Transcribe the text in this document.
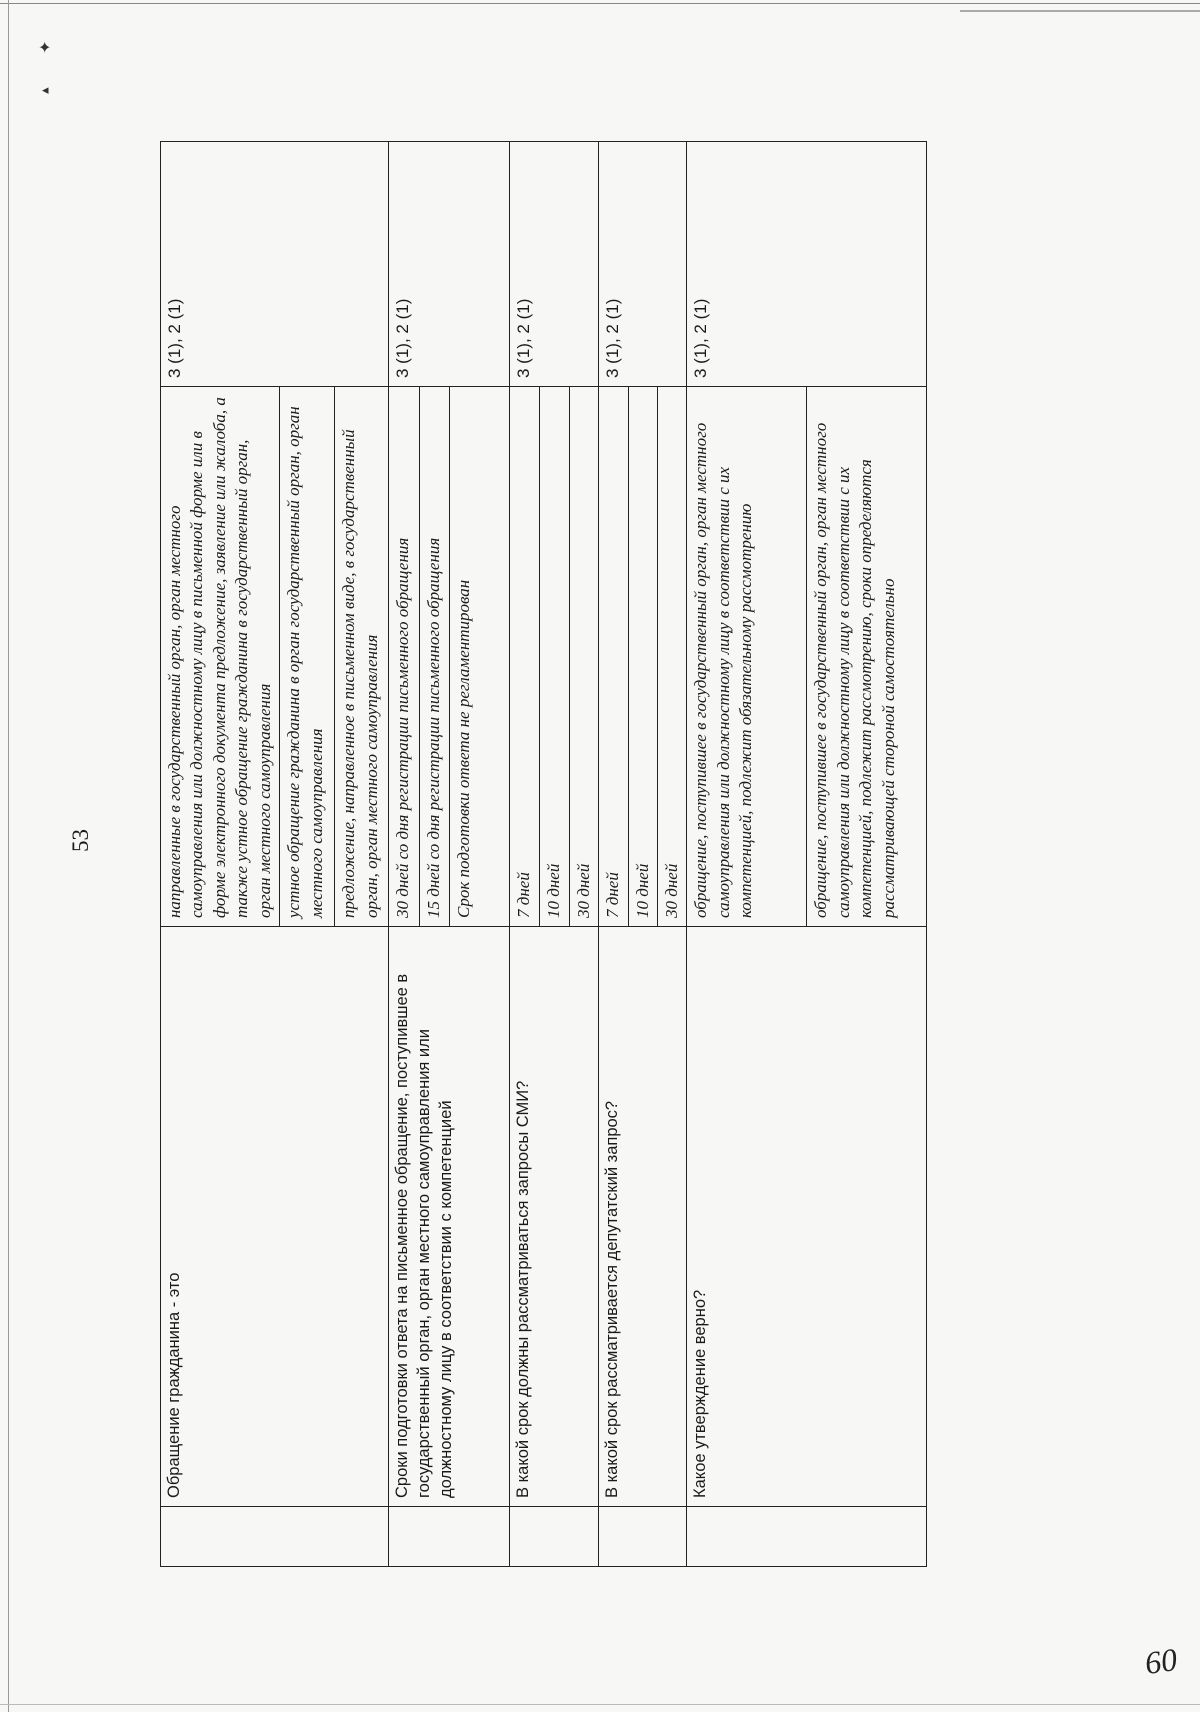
✦
◂
53
	Обращение гражданина - это	направленные в государственный орган, орган местного самоуправления или должностному лицу в письменной форме или в форме электронного документа предложение, заявление или жалоба, а также устное обращение гражданина в государственный орган, орган местного самоуправления	3 (1), 2 (1)
		устное обращение гражданина в орган государственный орган, орган местного самоуправления	
		предложение, направленное в письменном виде, в государственный орган, орган местного самоуправления	
	Сроки подготовки ответа на письменное обращение, поступившее в государственный орган, орган местного самоуправления или должностному лицу в соответствии с компетенцией	30 дней со дня регистрации письменного обращения	3 (1), 2 (1)
		15 дней со дня регистрации письменного обращения	
		Срок подготовки ответа не регламентирован	
	В какой срок должны рассматриваться запросы СМИ?	7 дней	3 (1), 2 (1)
		10 дней	
		30 дней	
	В какой срок рассматривается депутатский запрос?	7 дней	3 (1), 2 (1)
		10 дней	
		30 дней	
	Какое утверждение верно?	обращение, поступившее в государственный орган, орган местного самоуправления или должностному лицу в соответствии с их компетенцией, подлежит обязательному рассмотрению	3 (1), 2 (1)
		обращение, поступившее в государственный орган, орган местного самоуправления или должностному лицу в соответствии с их компетенцией, подлежит рассмотрению, сроки определяются рассматривающей стороной самостоятельно	
60
